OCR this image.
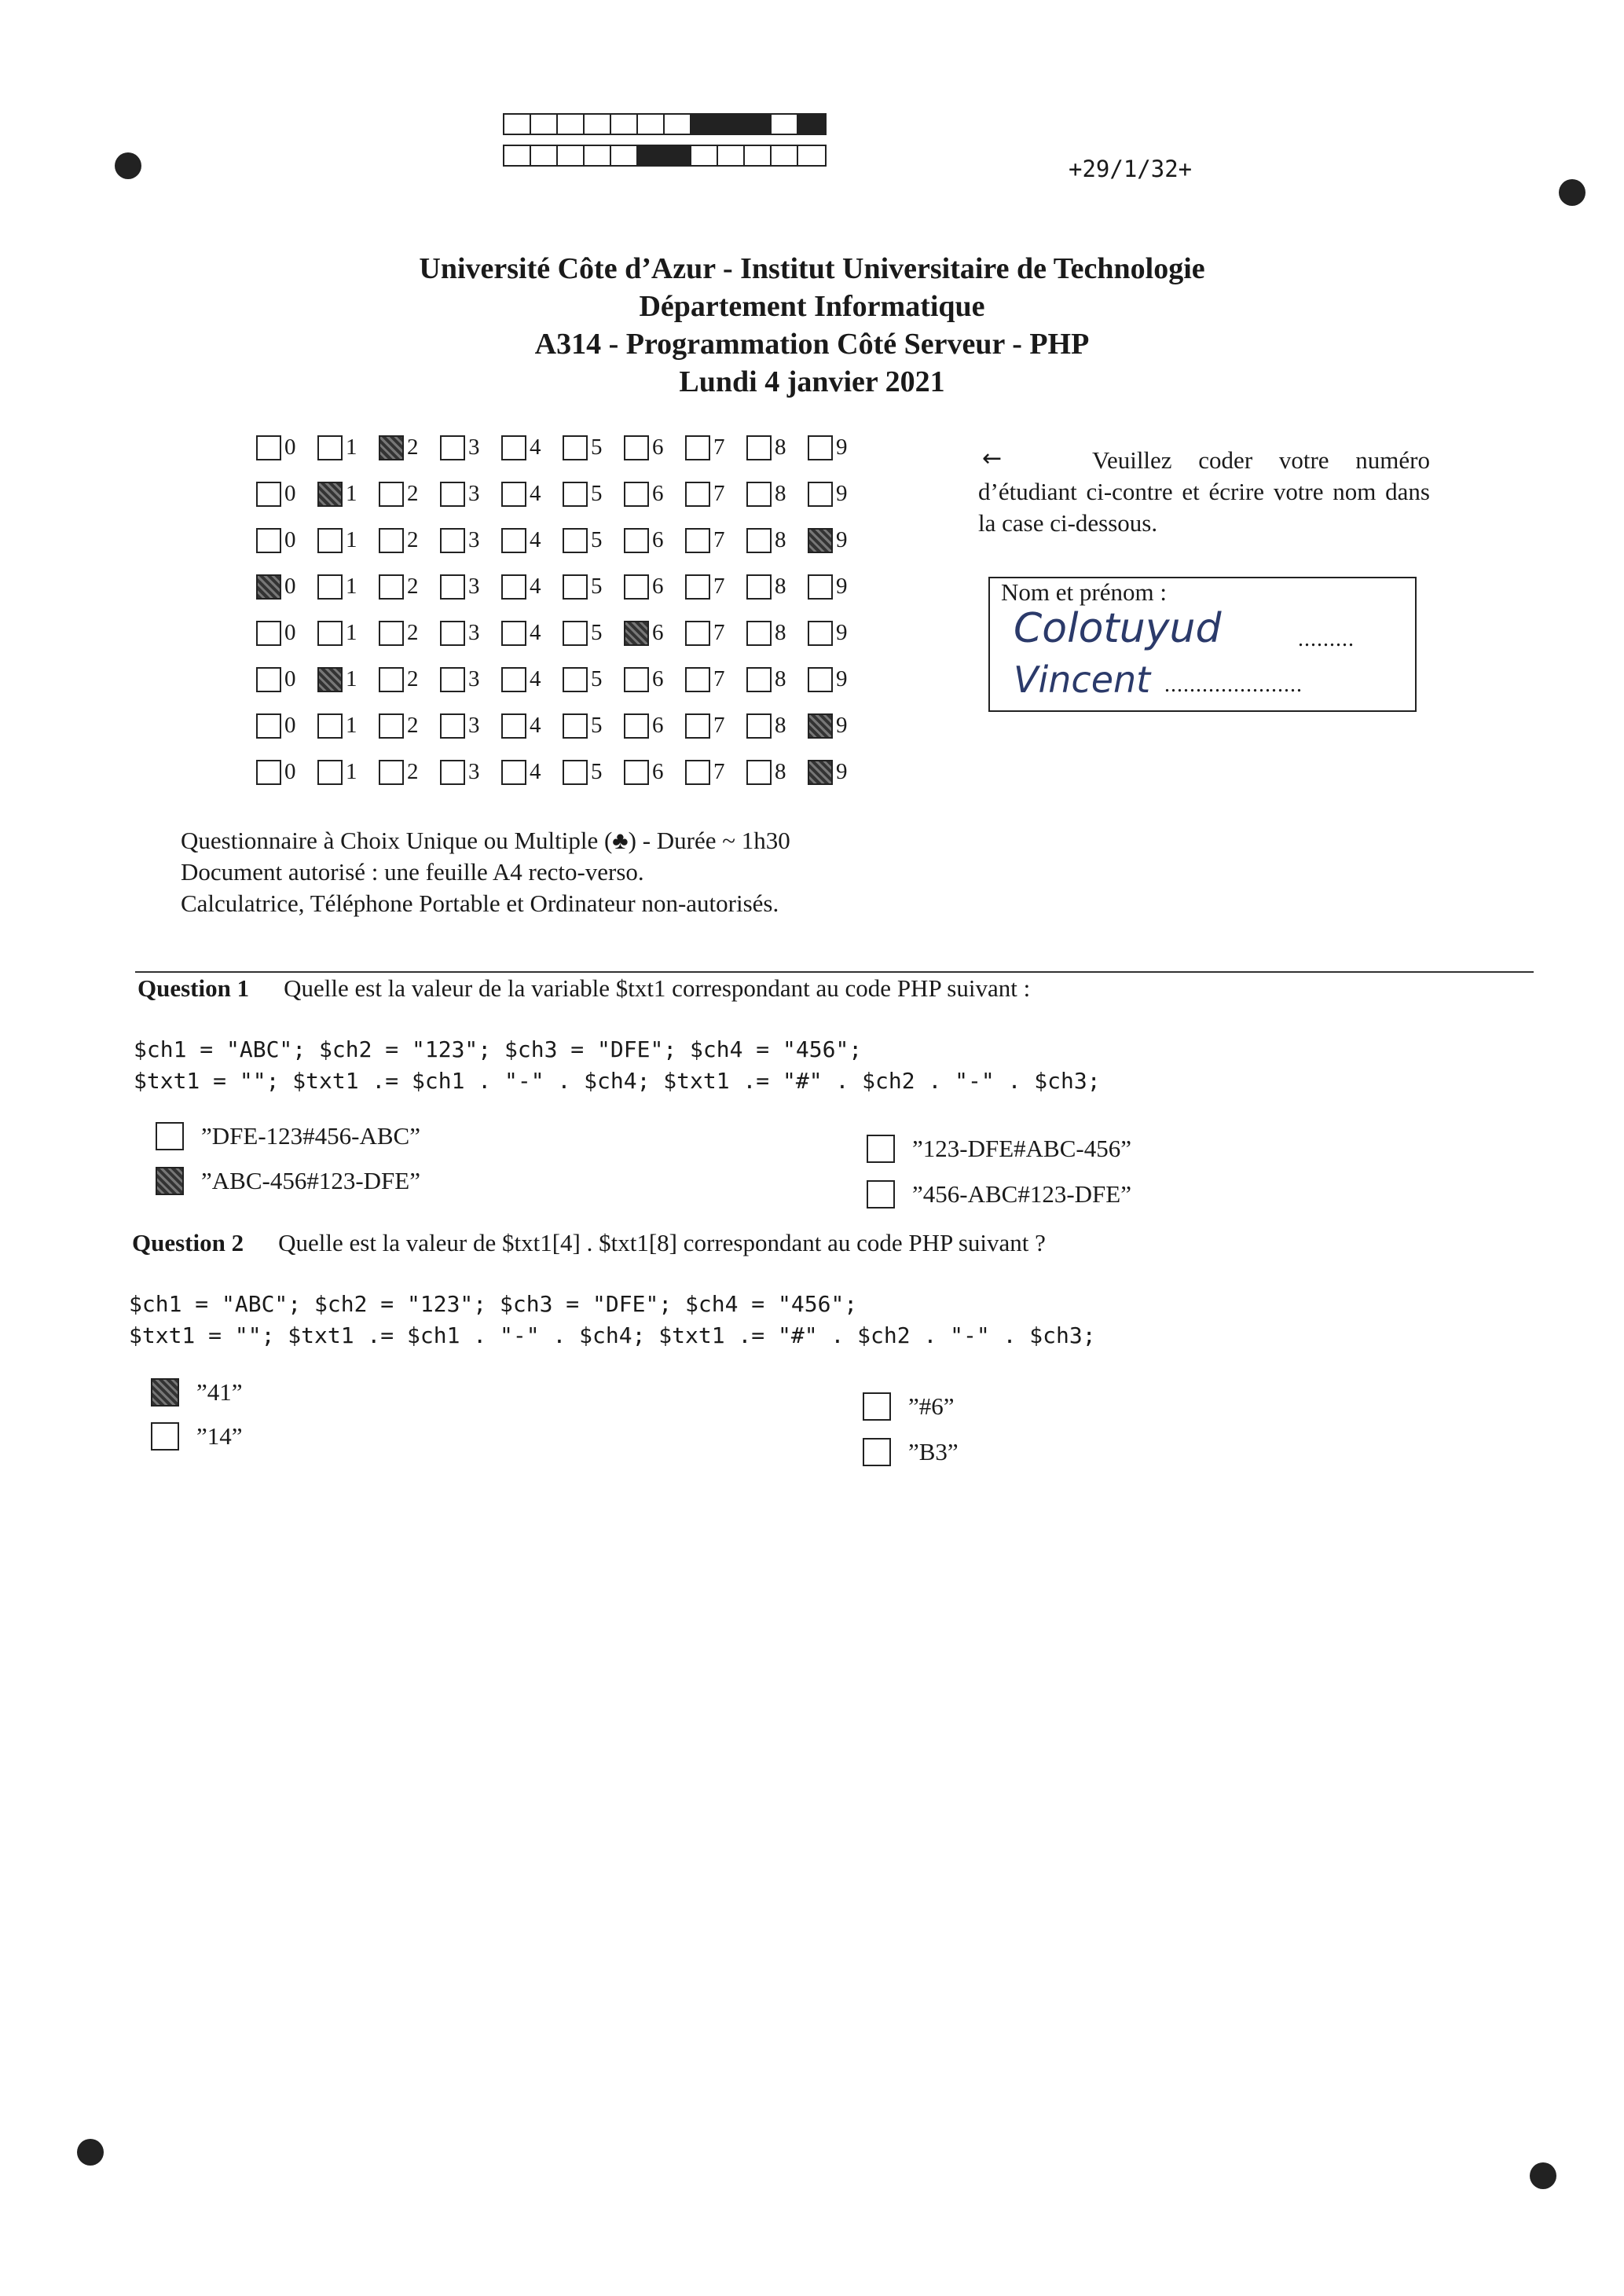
+29/1/32+
Université Côte d’Azur - Institut Universitaire de Technologie
Département Informatique
A314 - Programmation Côté Serveur - PHP
Lundi 4 janvier 2021
0 1 2 3 4 5 6 7 8 9
0 1 2 3 4 5 6 7 8 9
0 1 2 3 4 5 6 7 8 9
0 1 2 3 4 5 6 7 8 9
0 1 2 3 4 5 6 7 8 9
0 1 2 3 4 5 6 7 8 9
0 1 2 3 4 5 6 7 8 9
0 1 2 3 4 5 6 7 8 9
←	Veuillez coder votre numéro d’étudiant ci-contre et écrire votre nom dans la case ci-dessous.
Nom et prénom :
Colotuyud	.........
Vincent ......................
Questionnaire à Choix Unique ou Multiple (♣) - Durée ~ 1h30
Document autorisé : une feuille A4 recto-verso.
Calculatrice, Téléphone Portable et Ordinateur non-autorisés.
Question 1 Quelle est la valeur de la variable $txt1 correspondant au code PHP suivant :
$ch1 = "ABC"; $ch2 = "123"; $ch3 = "DFE"; $ch4 = "456";
$txt1 = ""; $txt1 .= $ch1 . "-" . $ch4; $txt1 .= "#" . $ch2 . "-" . $ch3;
”DFE-123#456-ABC”
”ABC-456#123-DFE”
”123-DFE#ABC-456”
”456-ABC#123-DFE”
Question 2 Quelle est la valeur de $txt1[4] . $txt1[8] correspondant au code PHP suivant ?
$ch1 = "ABC"; $ch2 = "123"; $ch3 = "DFE"; $ch4 = "456";
$txt1 = ""; $txt1 .= $ch1 . "-" . $ch4; $txt1 .= "#" . $ch2 . "-" . $ch3;
”41”
”14”
”#6”
”B3”
